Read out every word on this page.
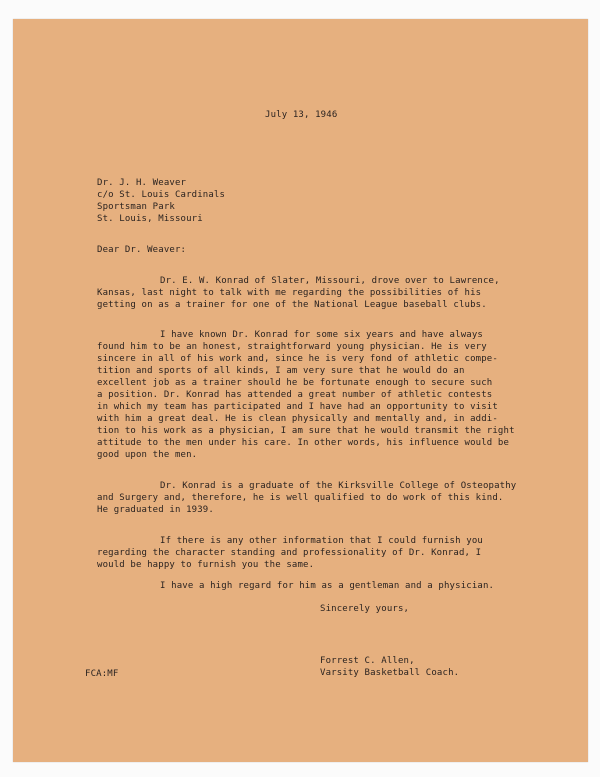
July 13, 1946
Dr. J. H. Weaver
c/o St. Louis Cardinals
Sportsman Park
St. Louis, Missouri
Dear Dr. Weaver:
Dr. E. W. Konrad of Slater, Missouri, drove over to Lawrence,
Kansas, last night to talk with me regarding the possibilities of his
getting on as a trainer for one of the National League baseball clubs.
I have known Dr. Konrad for some six years and have always
found him to be an honest, straightforward young physician. He is very
sincere in all of his work and, since he is very fond of athletic compe-
tition and sports of all kinds, I am very sure that he would do an
excellent job as a trainer should he be fortunate enough to secure such
a position. Dr. Konrad has attended a great number of athletic contests
in which my team has participated and I have had an opportunity to visit
with him a great deal. He is clean physically and mentally and, in addi-
tion to his work as a physician, I am sure that he would transmit the right
attitude to the men under his care. In other words, his influence would be
good upon the men.
Dr. Konrad is a graduate of the Kirksville College of Osteopathy
and Surgery and, therefore, he is well qualified to do work of this kind.
He graduated in 1939.
If there is any other information that I could furnish you
regarding the character standing and professionality of Dr. Konrad, I
would be happy to furnish you the same.
I have a high regard for him as a gentleman and a physician.
Sincerely yours,
Forrest C. Allen,
Varsity Basketball Coach.
FCA:MF
